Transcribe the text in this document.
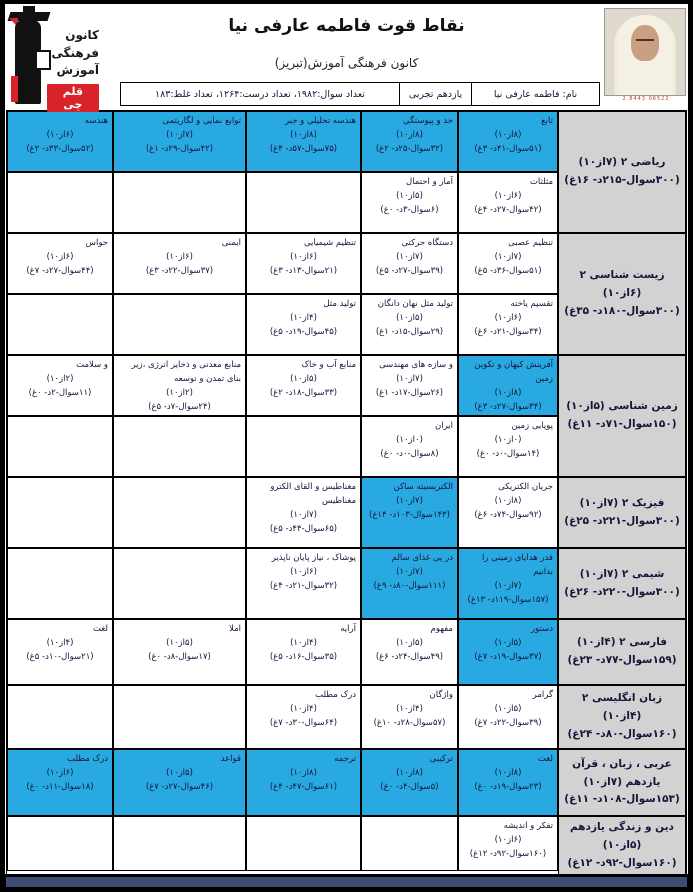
کانون
فرهنگی
آموزش
قلم چی
نقاط قوت فاطمه عارفی نیا
کانون فرهنگی آموزش(تبریز)
نام: فاطمه عارفی نیا
یازدهم تجربی
تعداد سوال:۱۹۸۲، تعداد درست:۱۲۶۴، تعداد غلط:۱۸۳	06522 8443 2
ریاضی ۲ (۷از۱۰)
(۳۰۰سوال-۲۱۵د- ۱۶غ)
تابع
(۸از۱۰)
(۵۱سوال-۴۱د- ۳غ)
حد و پیوستگی
(۸از۱۰)
(۳۲سوال-۲۵د- ۲غ)
هندسه تحلیلی و جبر
(۸از۱۰)
(۷۵سوال-۵۷د- ۴غ)
توابع نمایی و لگاریتمی
(۷از۱۰)
(۴۲سوال-۲۹د- ۱غ)
هندسه
(۶از۱۰)
(۵۲سوال-۳۳د- ۲غ)
مثلثات
(۶از۱۰)
(۴۲سوال-۲۷د- ۴غ)
آمار و احتمال
(۵از۱۰)
(۶سوال-۳د- ۰غ)
زیست شناسی ۲ (۶از۱۰)
(۳۰۰سوال-۱۸۰د- ۳۵غ)
تنظیم عصبی
(۷از۱۰)
(۵۱سوال-۳۶د- ۵غ)
دستگاه حرکتی
(۷از۱۰)
(۳۹سوال-۲۷د- ۵غ)
تنظیم شیمیایی
(۶از۱۰)
(۲۱سوال-۱۳د- ۳غ)
ایمنی
(۶از۱۰)
(۳۷سوال-۲۲د- ۳غ)
حواس
(۶از۱۰)
(۴۴سوال-۲۷د- ۷غ)
تقسیم یاخته
(۶از۱۰)
(۳۴سوال-۲۱د- ۶غ)
تولید مثل نهان دانگان
(۵از۱۰)
(۲۹سوال-۱۵د- ۱غ)
تولید مثل
(۴از۱۰)
(۴۵سوال-۱۹د- ۵غ)
زمین شناسی (۵از۱۰)
(۱۵۰سوال-۷۱د- ۱۱غ)
آفرینش کیهان و تکوین زمین
(۸از۱۰)
(۳۴سوال-۲۷د- ۳غ)
و سازه های مهندسی
(۷از۱۰)
(۲۶سوال-۱۷د- ۱غ)
منابع آب و خاک
(۵از۱۰)
(۳۳سوال-۱۸د- ۲غ)
منابع معدنی و ذخایر انرژی ،زیر بنای تمدن و توسعه
(۲از۱۰)
(۲۴سوال-۷د- ۵غ)
و سلامت
(۲از۱۰)
(۱۱سوال-۲د- ۰غ)
پویایی زمین
(۰از۱۰)
(۱۴سوال-۰د- ۰غ)
ایران
(۰از۱۰)
(۸سوال-۰د- ۰غ)
فیزیک ۲ (۷از۱۰)
(۳۰۰سوال-۲۲۱د- ۲۵غ)
جریان الکتریکی
(۸از۱۰)
(۹۲سوال-۷۴د- ۶غ)
الکتریسیته ساکن
(۷از۱۰)
(۱۴۳سوال-۱۰۳د- ۱۴غ)
مغناطیس و القای الکترو مغناطیس
(۷از۱۰)
(۶۵سوال-۴۴د- ۵غ)
شیمی ۲ (۷از۱۰)
(۳۰۰سوال-۲۲۰د- ۲۶غ)
قدر هدایای زمینی را بدانیم
(۷از۱۰)
(۱۵۷سوال-۱۱۹د- ۱۳غ)
در پی غذای سالم
(۷از۱۰)
(۱۱۱سوال-۸۰د- ۹غ)
پوشاک ، نیاز پایان ناپذیر
(۶از۱۰)
(۳۲سوال-۲۱د- ۴غ)
فارسی ۲ (۴از۱۰)
(۱۵۹سوال-۷۷د- ۲۳غ)
دستور
(۵از۱۰)
(۳۷سوال-۱۹د- ۷غ)
مفهوم
(۵از۱۰)
(۴۹سوال-۲۴د- ۶غ)
آرایه
(۴از۱۰)
(۳۵سوال-۱۶د- ۵غ)
املا
(۵از۱۰)
(۱۷سوال-۸د- ۰غ)
لغت
(۴از۱۰)
(۲۱سوال-۱۰د- ۵غ)
زبان انگلیسی ۲ (۴از۱۰)
(۱۶۰سوال-۸۰د- ۲۴غ)
گرامر
(۵از۱۰)
(۳۹سوال-۲۲د- ۷غ)
واژگان
(۴از۱۰)
(۵۷سوال-۲۸د- ۱۰غ)
درک مطلب
(۴از۱۰)
(۶۴سوال-۳۰د- ۷غ)
عربی ، زبان ، قرآن یازدهم (۷از۱۰)
(۱۵۳سوال-۱۰۸د- ۱۱غ)
لغت
(۸از۱۰)
(۲۳سوال-۱۹د- ۰غ)
ترکیبی
(۸از۱۰)
(۵سوال-۴د- ۰غ)
ترجمه
(۸از۱۰)
(۶۱سوال-۴۷د- ۴غ)
قواعد
(۵از۱۰)
(۴۶سوال-۲۷د- ۷غ)
درک مطلب
(۶از۱۰)
(۱۸سوال-۱۱د- ۰غ)
دین و زندگی یازدهم (۵از۱۰)
(۱۶۰سوال-۹۲د- ۱۲غ)
تفکر و اندیشه
(۶از۱۰)
(۱۶۰سوال-۹۲د- ۱۲غ)
